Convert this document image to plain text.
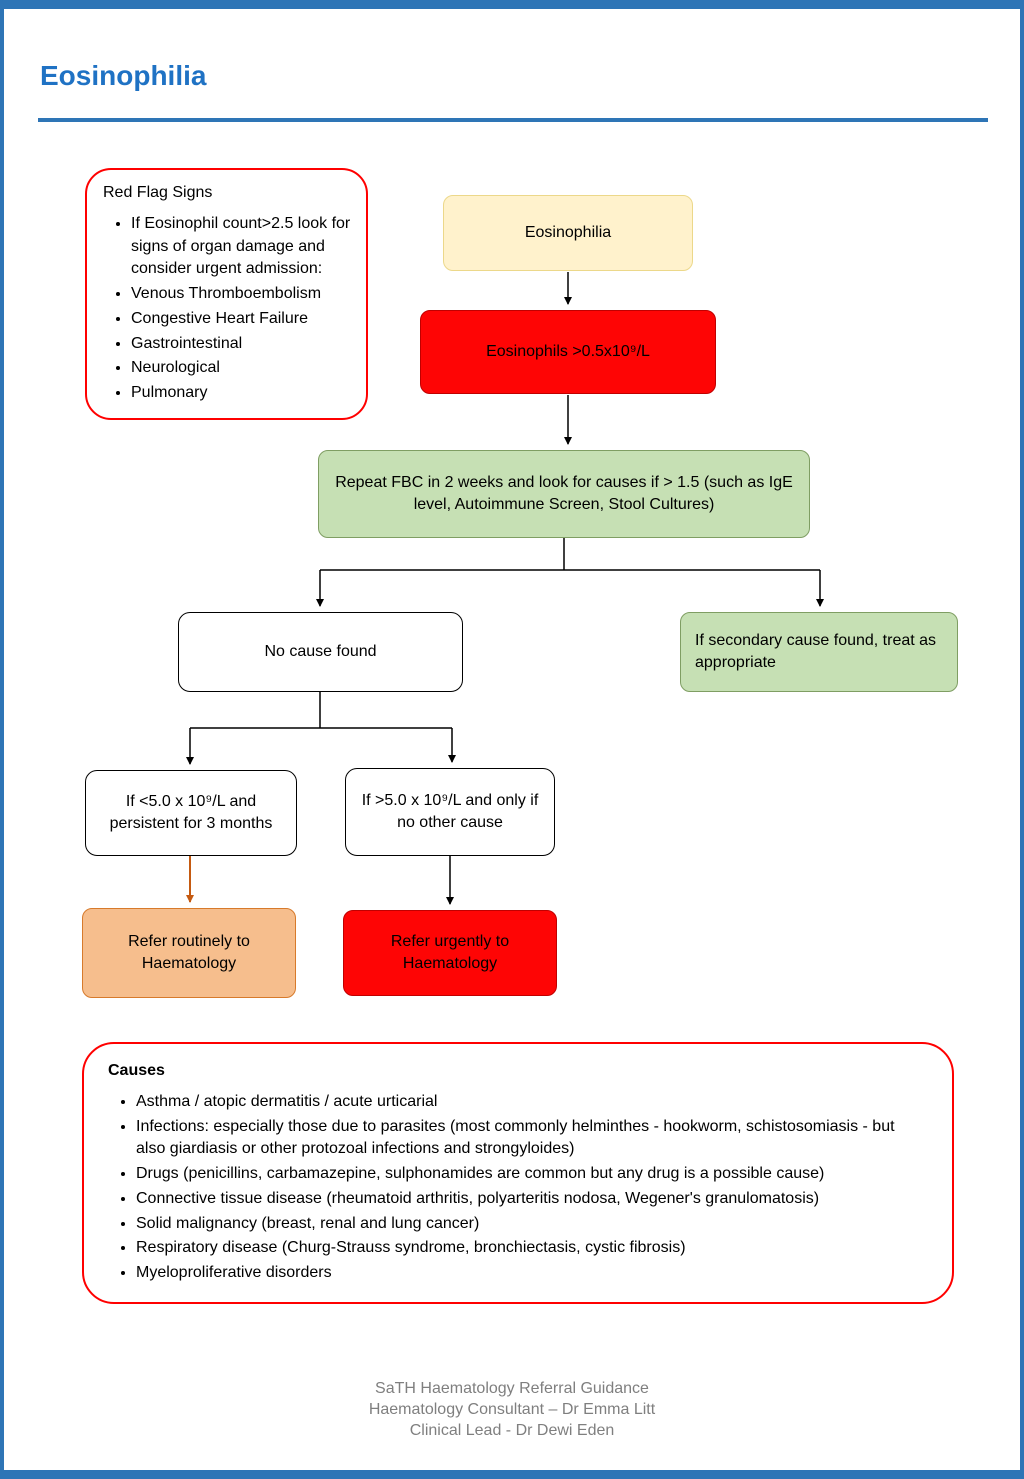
Eosinophilia
Red Flag Signs
• If Eosinophil count>2.5 look for signs of organ damage and consider urgent admission:
• Venous Thromboembolism
• Congestive Heart Failure
• Gastrointestinal
• Neurological
• Pulmonary
Eosinophilia
Eosinophils >0.5x10⁹/L
Repeat FBC in 2 weeks and look for causes if > 1.5 (such as IgE level, Autoimmune Screen, Stool Cultures)
No cause found
If secondary cause found, treat as appropriate
If <5.0 x 10⁹/L and persistent for 3 months
If >5.0 x 10⁹/L and only if no other cause
Refer routinely to Haematology
Refer urgently to Haematology
Causes
• Asthma / atopic dermatitis / acute urticarial
• Infections: especially those due to parasites (most commonly helminthes - hookworm, schistosomiasis - but also giardiasis or other protozoal infections and strongyloides)
• Drugs (penicillins, carbamazepine, sulphonamides are common but any drug is a possible cause)
• Connective tissue disease (rheumatoid arthritis, polyarteritis nodosa, Wegener's granulomatosis)
• Solid malignancy (breast, renal and lung cancer)
• Respiratory disease (Churg-Strauss syndrome, bronchiectasis, cystic fibrosis)
• Myeloproliferative disorders
SaTH Haematology Referral Guidance
Haematology Consultant – Dr Emma Litt
Clinical Lead - Dr Dewi Eden
